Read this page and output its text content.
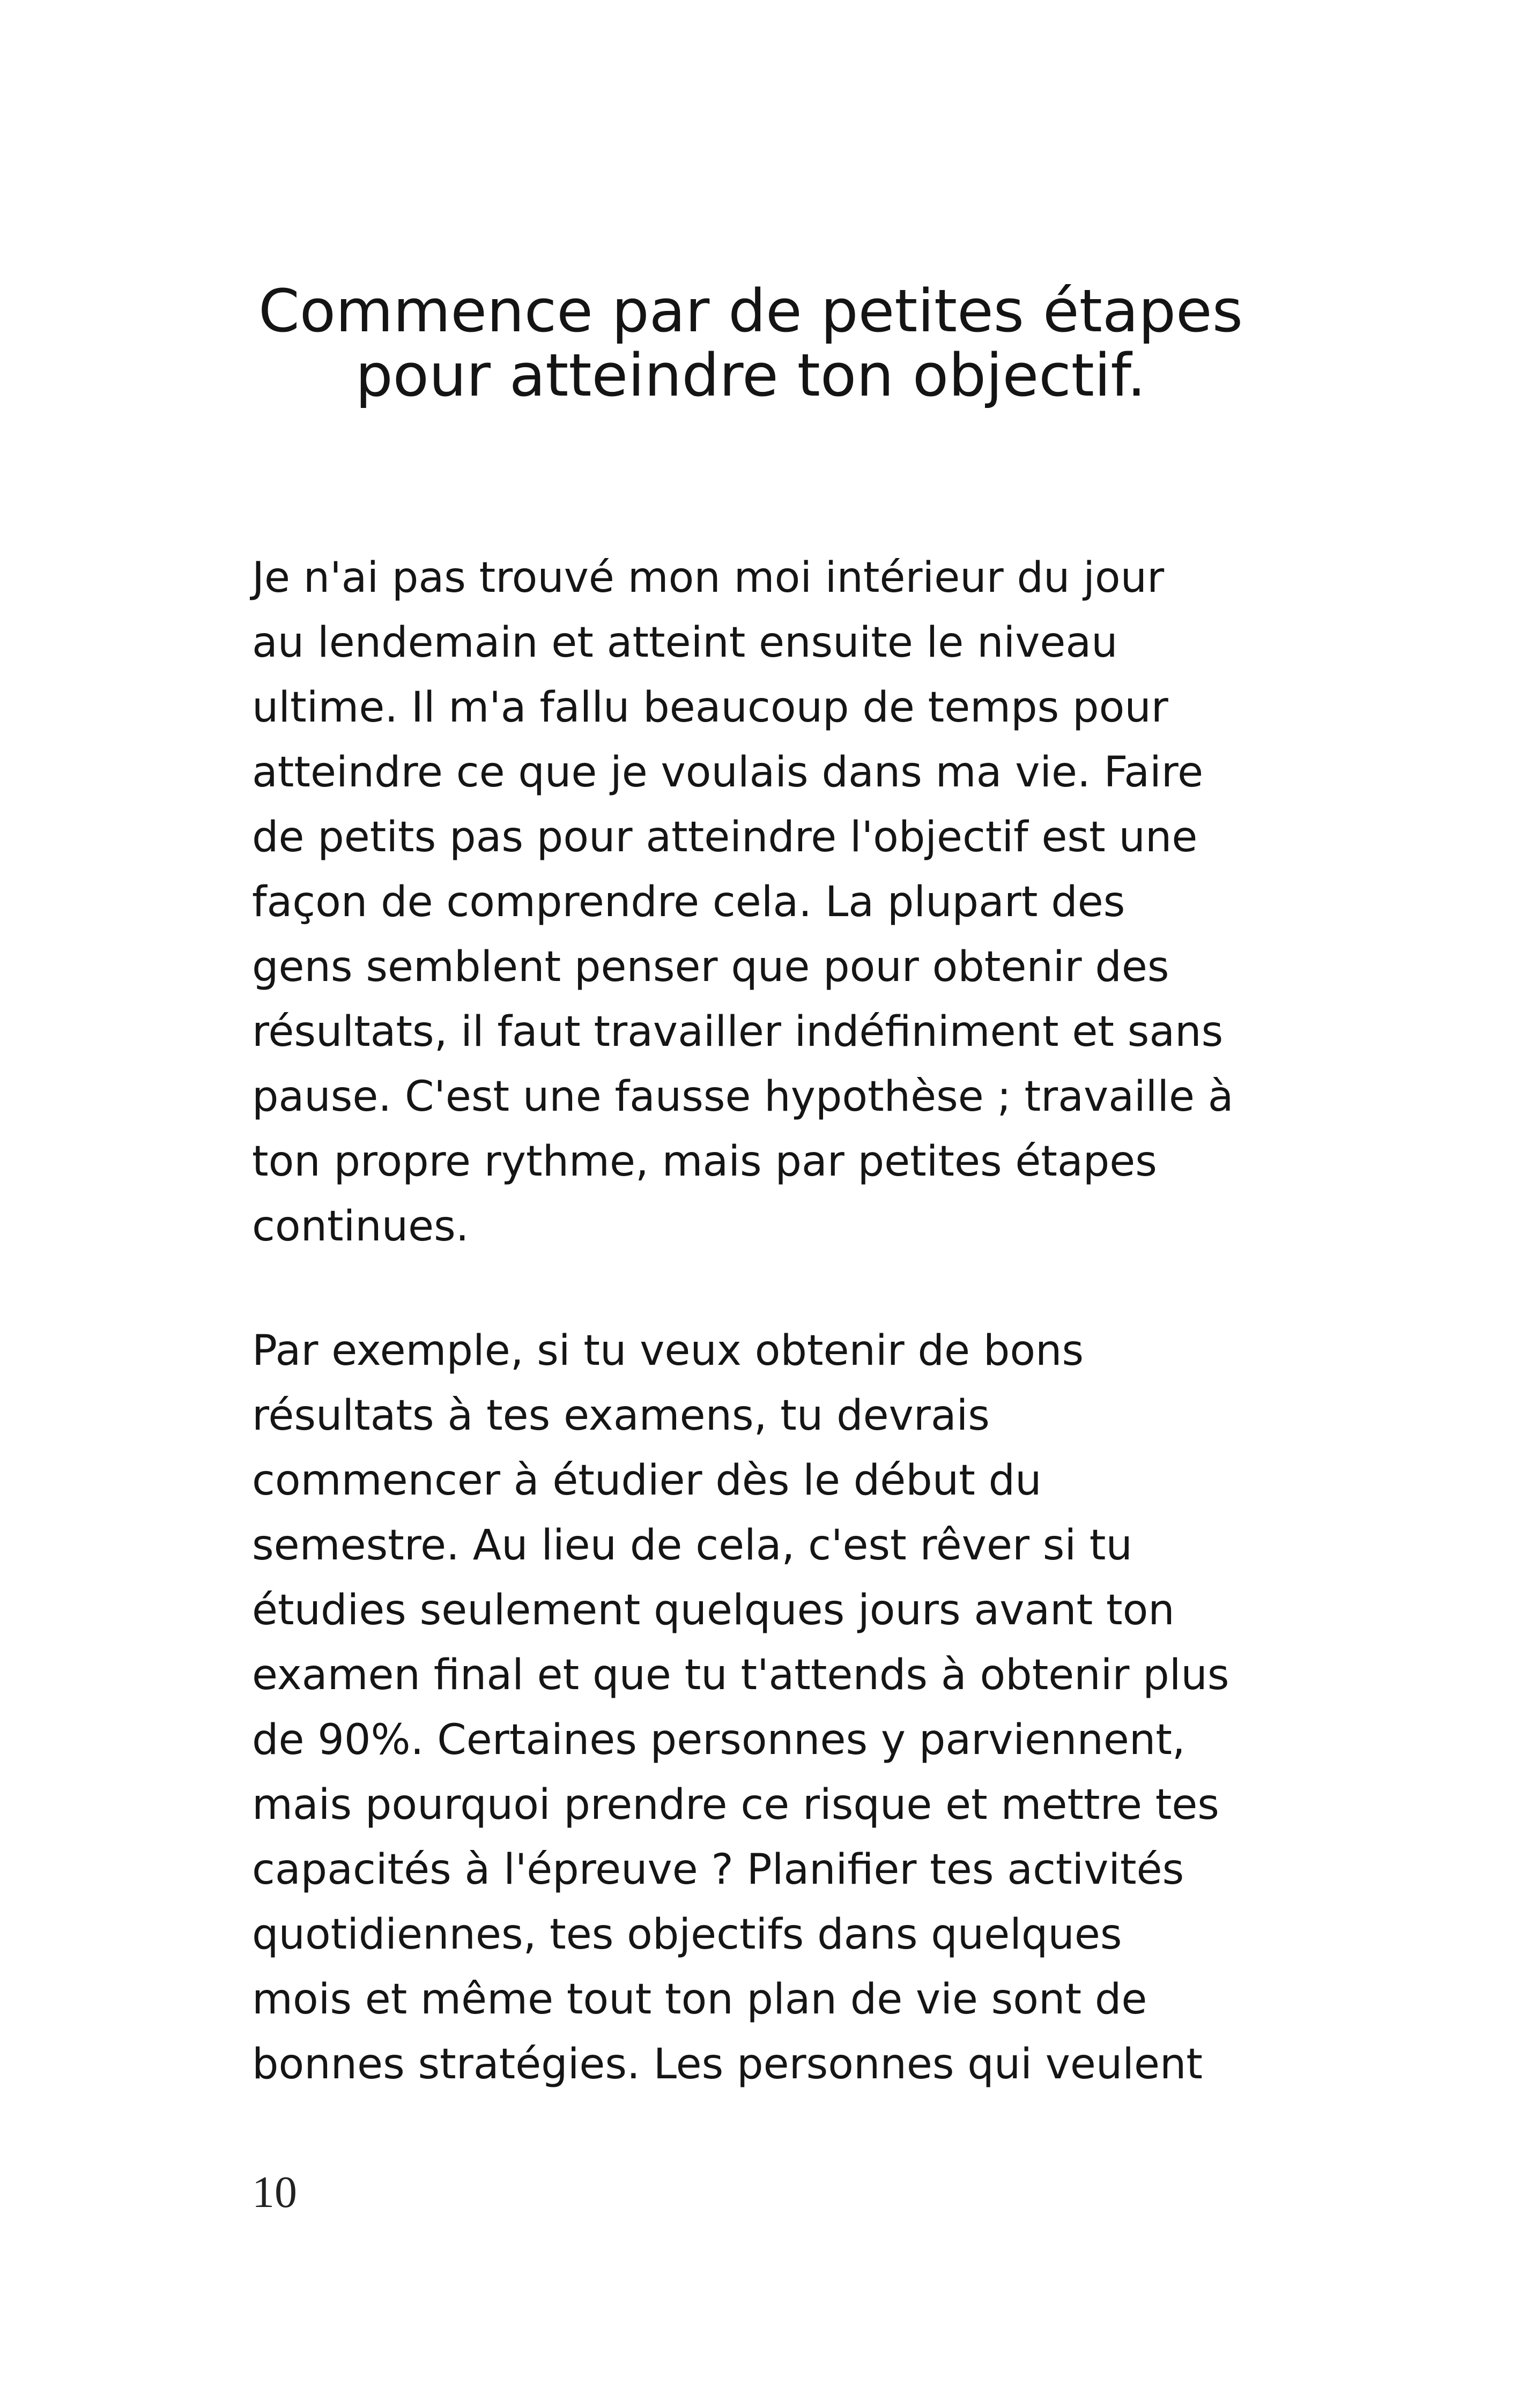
Commence par de petites étapes
pour atteindre ton objectif.

Je n'ai pas trouvé mon moi intérieur du jour
au lendemain et atteint ensuite le niveau
ultime. Il m'a fallu beaucoup de temps pour
atteindre ce que je voulais dans ma vie. Faire
de petits pas pour atteindre l'objectif est une
façon de comprendre cela. La plupart des
gens semblent penser que pour obtenir des
résultats, il faut travailler indéfiniment et sans
pause. C'est une fausse hypothèse ; travaille à
ton propre rythme, mais par petites étapes
continues.

Par exemple, si tu veux obtenir de bons
résultats à tes examens, tu devrais
commencer à étudier dès le début du
semestre. Au lieu de cela, c'est rêver si tu
étudies seulement quelques jours avant ton
examen final et que tu t'attends à obtenir plus
de 90%. Certaines personnes y parviennent,
mais pourquoi prendre ce risque et mettre tes
capacités à l'épreuve ? Planifier tes activités
quotidiennes, tes objectifs dans quelques
mois et même tout ton plan de vie sont de
bonnes stratégies. Les personnes qui veulent

10
